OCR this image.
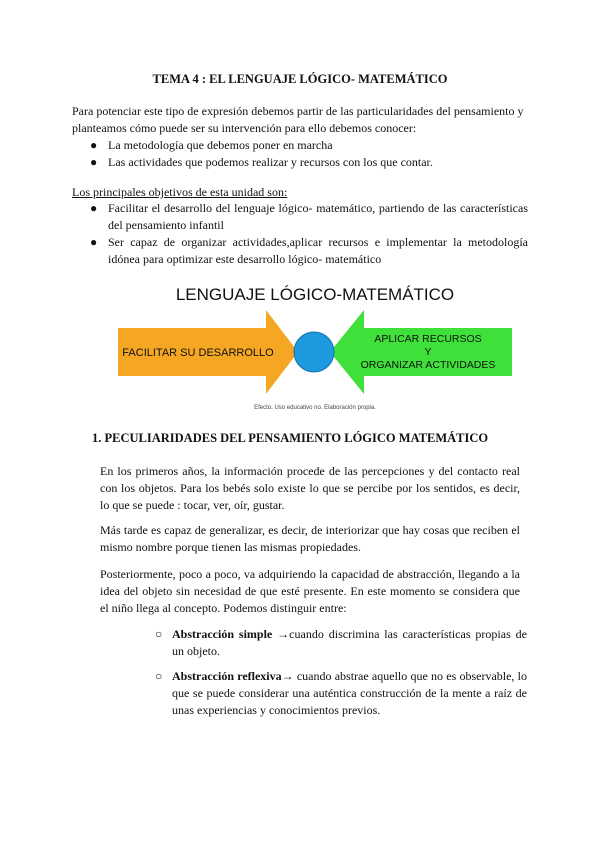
TEMA 4 : EL LENGUAJE LÓGICO- MATEMÁTICO

Para potenciar este tipo de expresión debemos partir de las particularidades del pensamiento y planteamos cómo puede ser su intervención para ello debemos conocer:

● La metodología que debemos poner en marcha
● Las actividades que podemos realizar y recursos con los que contar.

Los principales objetivos de esta unidad son:

● Facilitar el desarrollo del lenguaje lógico- matemático, partiendo de las características del pensamiento infantil
● Ser capaz de organizar actividades,aplicar recursos e implementar la metodología idónea para optimizar este desarrollo lógico- matemático
LENGUAJE LÓGICO-MATEMÁTICO
FACILITAR SU DESARROLLO
APLICAR RECURSOS
Y
ORGANIZAR ACTIVIDADES
Efecto. Uso educativo no. Elaboración propia.
1. PECULIARIDADES DEL PENSAMIENTO LÓGICO MATEMÁTICO

En los primeros años, la información procede de las percepciones y del contacto real con los objetos. Para los bebés solo existe lo que se percibe por los sentidos, es decir, lo que se puede : tocar, ver, oír, gustar.

Más tarde es capaz de generalizar, es decir, de interiorizar que hay cosas que reciben el mismo nombre porque tienen las mismas propiedades.

Posteriormente, poco a poco, va adquiriendo la capacidad de abstracción, llegando a la idea del objeto sin necesidad de que esté presente. En este momento se considera que el niño llega al concepto. Podemos distinguir entre:

○ Abstracción simple →cuando discrimina las características propias de un objeto.
○ Abstracción reflexiva→ cuando abstrae aquello que no es observable, lo que se puede considerar una auténtica construcción de la mente a raíz de unas experiencias y conocimientos previos.
